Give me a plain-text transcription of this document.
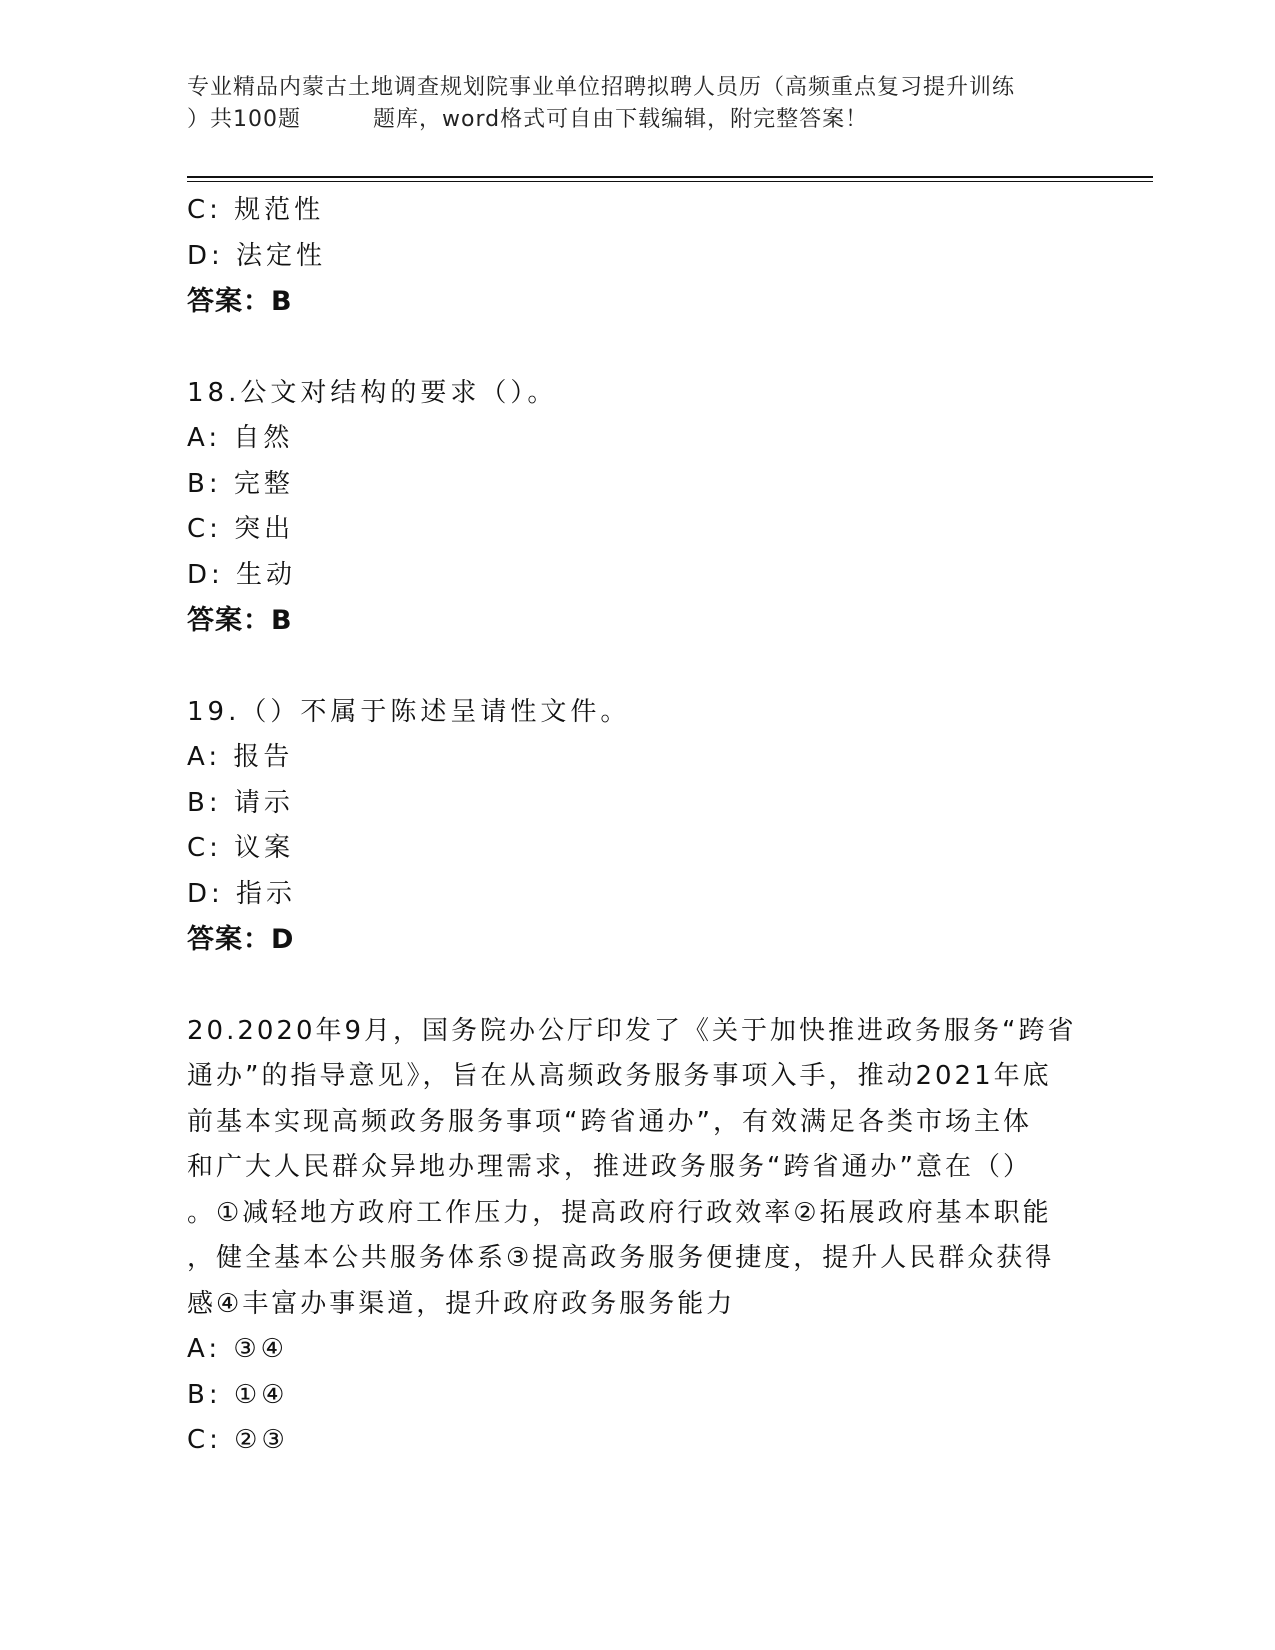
专业精品内蒙古土地调查规划院事业单位招聘拟聘人员历（高频重点复习提升训练
）共100题	题库，word格式可自由下载编辑，附完整答案！
C: 规范性
D: 法定性
答案：B
18.公文对结构的要求（）。
A: 自然
B: 完整
C: 突出
D: 生动
答案：B
19.（）不属于陈述呈请性文件。
A: 报告
B: 请示
C: 议案
D: 指示
答案：D
20.2020年9月，国务院办公厅印发了《关于加快推进政务服务“跨省
通办”的指导意见》，旨在从高频政务服务事项入手，推动2021年底
前基本实现高频政务服务事项“跨省通办”，有效满足各类市场主体
和广大人民群众异地办理需求，推进政务服务“跨省通办”意在（）
。①减轻地方政府工作压力，提高政府行政效率②拓展政府基本职能
，健全基本公共服务体系③提高政务服务便捷度，提升人民群众获得
感④丰富办事渠道，提升政府政务服务能力
A: ③④
B: ①④
C: ②③
